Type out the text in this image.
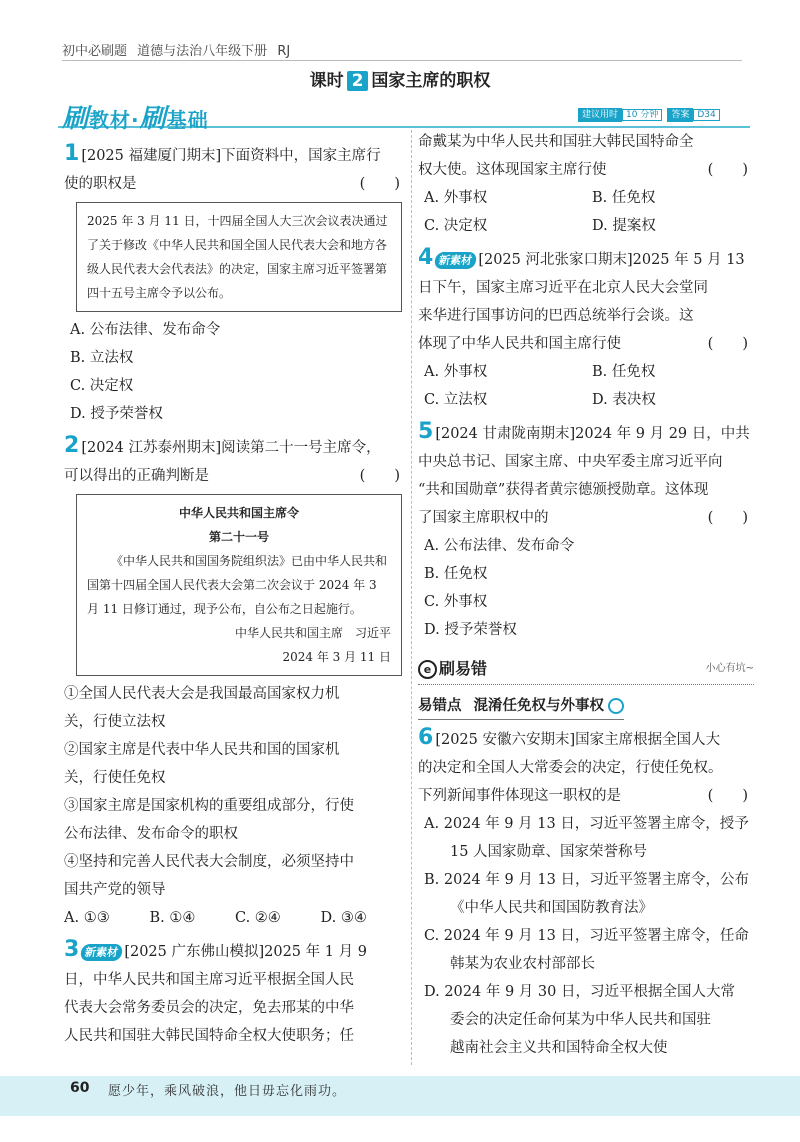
初中必刷题 道德与法治八年级下册 RJ
课时 2 国家主席的职权
刷教材·刷基础	建议用时 10 分钟 答案 D34
1 [2025 福建厦门期末]下面资料中，国家主席行
使的职权是	(　　)
2025 年 3 月 11 日，十四届全国人大三次会议表决通过了关于修改《中华人民共和国全国人民代表大会和地方各级人民代表大会代表法》的决定，国家主席习近平签署第四十五号主席令予以公布。
A. 公布法律、发布命令
B. 立法权
C. 决定权
D. 授予荣誉权
2 [2024 江苏泰州期末]阅读第二十一号主席令，
可以得出的正确判断是	(　　)
中华人民共和国主席令
第二十一号
《中华人民共和国国务院组织法》已由中华人民共和国第十四届全国人民代表大会第二次会议于 2024 年 3 月 11 日修订通过，现予公布，自公布之日起施行。
中华人民共和国主席　习近平
2024 年 3 月 11 日
①全国人民代表大会是我国最高国家权力机
关，行使立法权
②国家主席是代表中华人民共和国的国家机
关，行使任免权
③国家主席是国家机构的重要组成部分，行使
公布法律、发布命令的职权
④坚持和完善人民代表大会制度，必须坚持中
国共产党的领导
A. ①③	B. ①④	C. ②④	D. ③④
3 新素材 [2025 广东佛山模拟]2025 年 1 月 9
日，中华人民共和国主席习近平根据全国人民
代表大会常务委员会的决定，免去邢某的中华
人民共和国驻大韩民国特命全权大使职务；任
命戴某为中华人民共和国驻大韩民国特命全
权大使。这体现国家主席行使	(　　)
A. 外事权	B. 任免权
C. 决定权	D. 提案权
4 新素材 [2025 河北张家口期末]2025 年 5 月 13
日下午，国家主席习近平在北京人民大会堂同
来华进行国事访问的巴西总统举行会谈。这
体现了中华人民共和国主席行使	(　　)
A. 外事权	B. 任免权
C. 立法权	D. 表决权
5 [2024 甘肃陇南期末]2024 年 9 月 29 日，中共
中央总书记、国家主席、中央军委主席习近平向
“共和国勋章”获得者黄宗德颁授勋章。这体现
了国家主席职权中的	(　　)
A. 公布法律、发布命令
B. 任免权
C. 外事权
D. 授予荣誉权
e 刷易错	小心有坑~
易错点 混淆任免权与外事权
6 [2025 安徽六安期末]国家主席根据全国人大
的决定和全国人大常委会的决定，行使任免权。
下列新闻事件体现这一职权的是	(　　)
A. 2024 年 9 月 13 日，习近平签署主席令，授予
15 人国家勋章、国家荣誉称号
B. 2024 年 9 月 13 日，习近平签署主席令，公布
《中华人民共和国国防教育法》
C. 2024 年 9 月 13 日，习近平签署主席令，任命
韩某为农业农村部部长
D. 2024 年 9 月 30 日，习近平根据全国人大常
委会的决定任命何某为中华人民共和国驻
越南社会主义共和国特命全权大使
60 愿少年，乘风破浪，他日毋忘化雨功。
